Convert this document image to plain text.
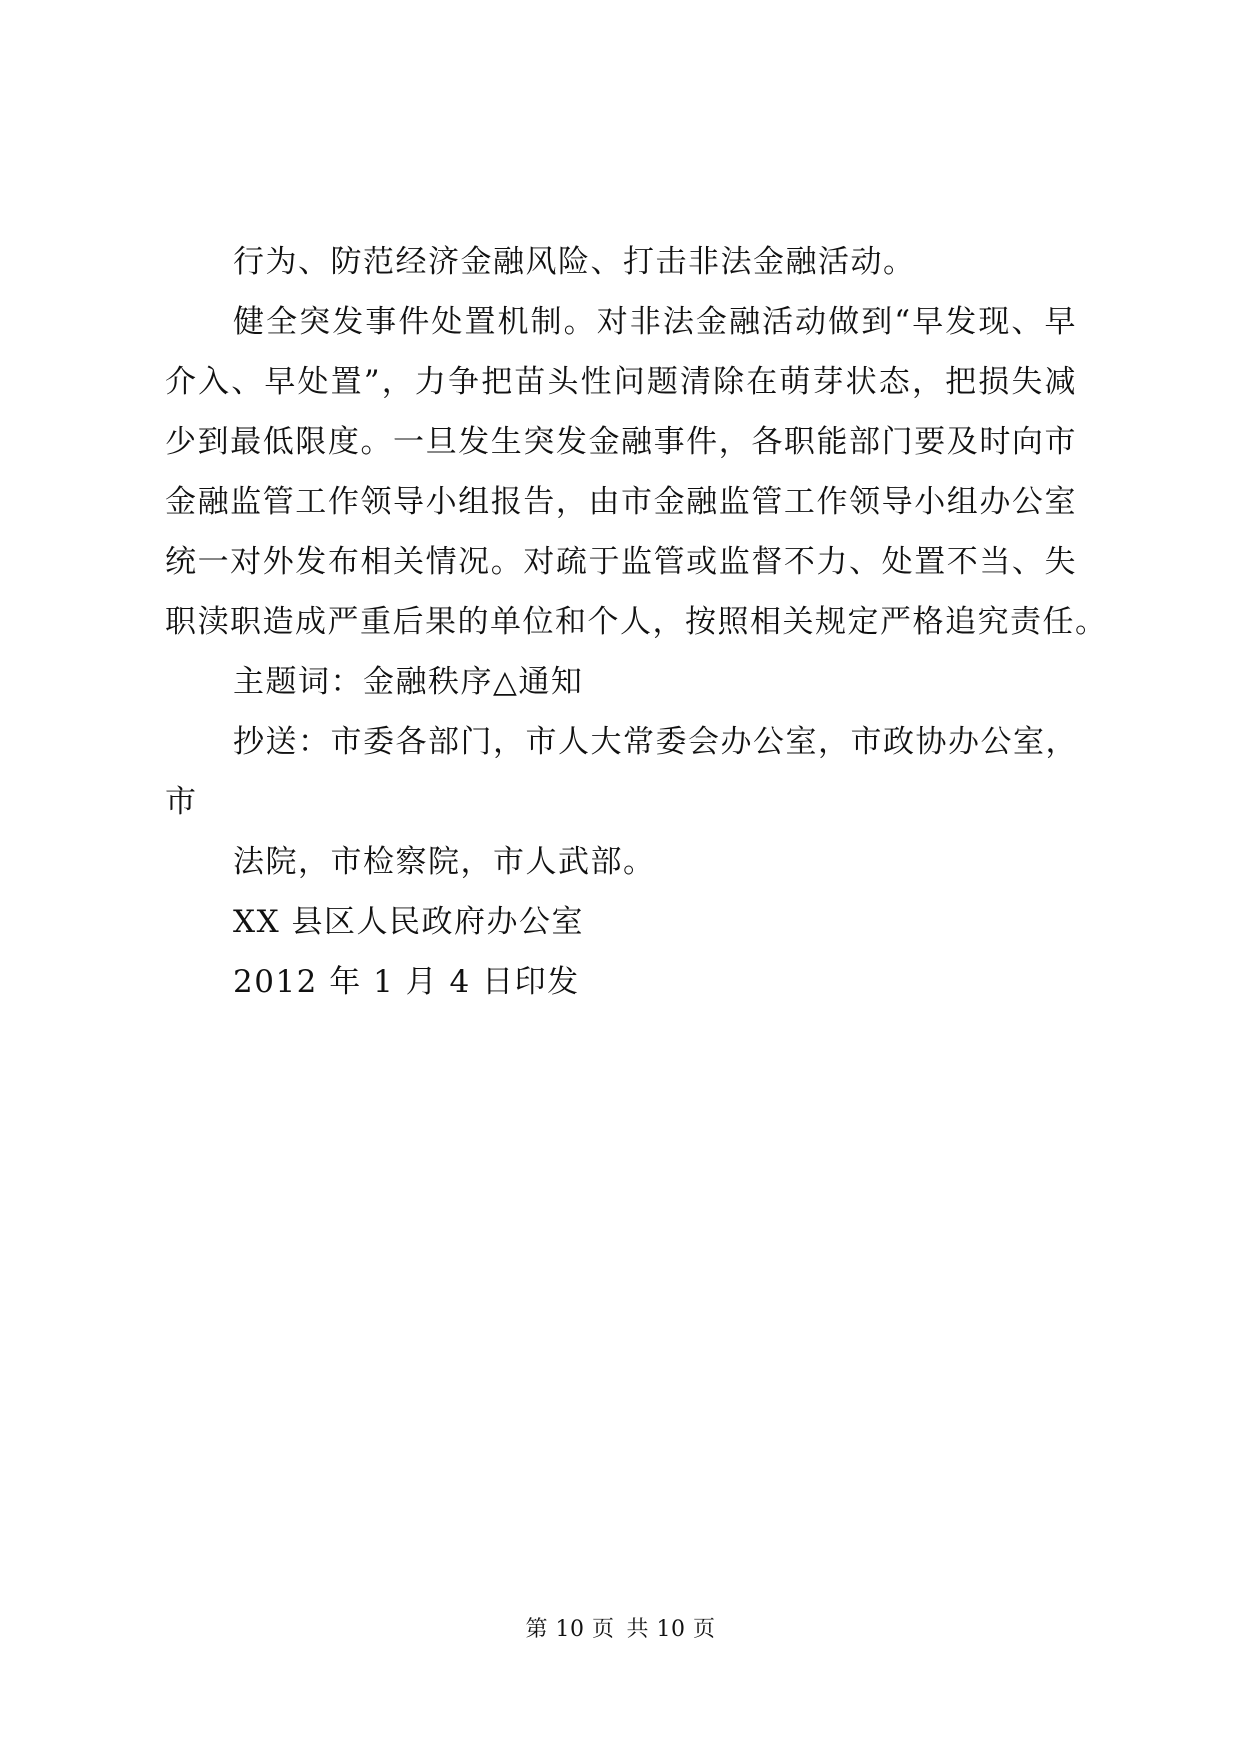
行为、防范经济金融风险、打击非法金融活动。
健全突发事件处置机制。对非法金融活动做到“早发现、早
介入、早处置”，力争把苗头性问题清除在萌芽状态，把损失减
少到最低限度。一旦发生突发金融事件，各职能部门要及时向市
金融监管工作领导小组报告，由市金融监管工作领导小组办公室
统一对外发布相关情况。对疏于监管或监督不力、处置不当、失
职渎职造成严重后果的单位和个人，按照相关规定严格追究责任。
主题词：金融秩序△通知
抄送：市委各部门，市人大常委会办公室，市政协办公室，
市
法院，市检察院，市人武部。
XX 县区人民政府办公室
2012 年 1 月 4 日印发
第 10 页 共 10 页
